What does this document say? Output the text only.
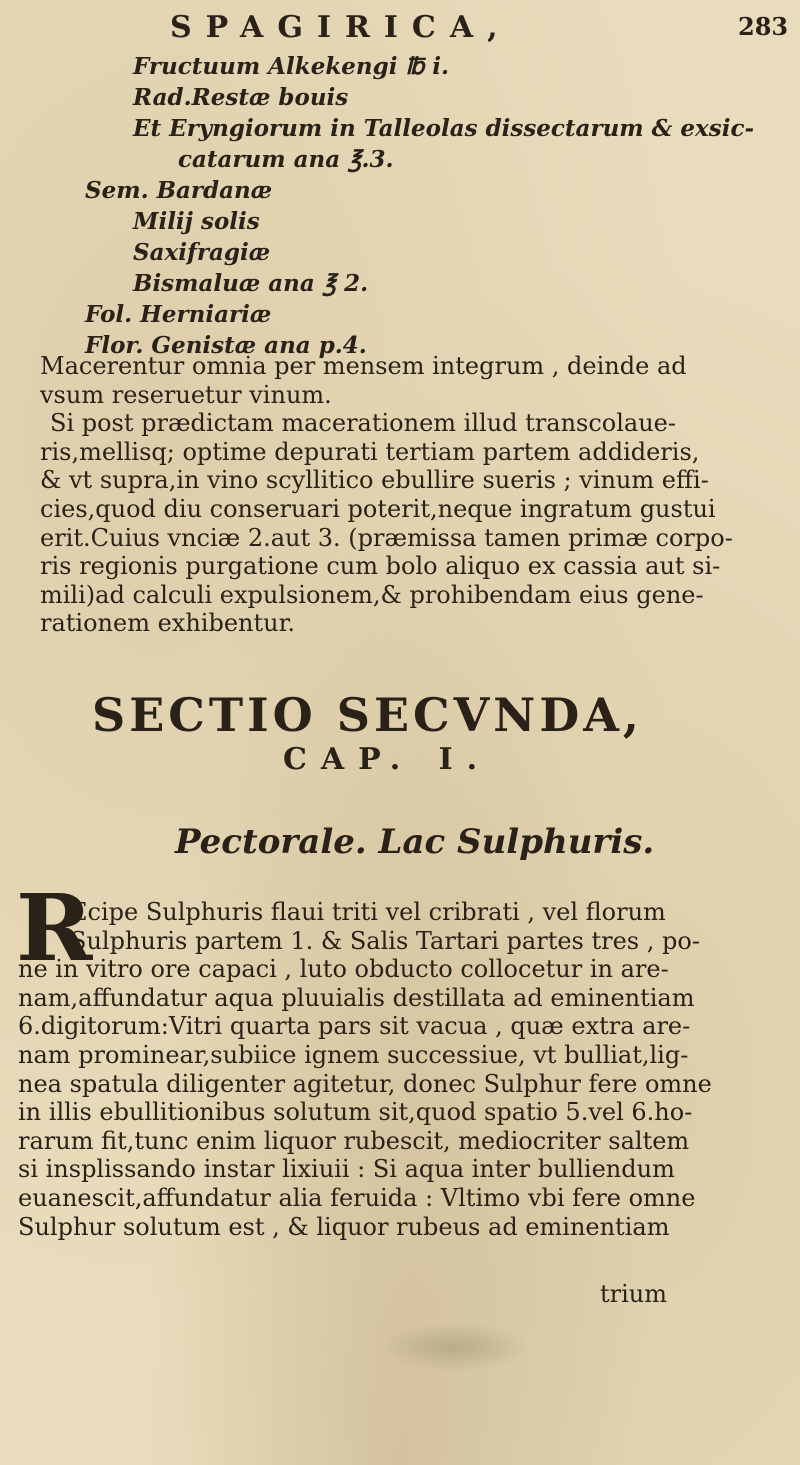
SPAGIRICA,	283
Fructuum Alkekengi ℔ i.
Rad.Restæ bouis
Et Eryngiorum in Talleolas dissectarum & exsic-
catarum ana ℥.3.
Sem. Bardanæ
Milij solis
Saxifragiæ
Bismaluæ ana ℥ 2.
Fol. Herniariæ
Flor. Genistæ ana p.4.
Macerentur omnia per mensem integrum , deinde ad
vsum reseruetur vinum.
Si post prædictam macerationem illud transcolaue-
ris,mellisq; optime depurati tertiam partem addideris,
& vt supra,in vino scyllitico ebullire sueris ; vinum effi-
cies,quod diu conseruari poterit,neque ingratum gustui
erit.Cuius vnciæ 2.aut 3. (præmissa tamen primæ corpo-
ris regionis purgatione cum bolo aliquo ex cassia aut si-
mili)ad calculi expulsionem,& prohibendam eius gene-
rationem exhibentur.
SECTIO SECVNDA,
CAP. I.
Pectorale. Lac Sulphuris.
R
Ecipe Sulphuris flaui triti vel cribrati , vel florum
Sulphuris partem 1. & Salis Tartari partes tres , po-
ne in vitro ore capaci , luto obducto collocetur in are-
nam,affundatur aqua pluuialis destillata ad eminentiam
6.digitorum:Vitri quarta pars sit vacua , quæ extra are-
nam prominear,subiice ignem successiue, vt bulliat,lig-
nea spatula diligenter agitetur, donec Sulphur fere omne
in illis ebullitionibus solutum sit,quod spatio 5.vel 6.ho-
rarum fit,tunc enim liquor rubescit, mediocriter saltem
si insplissando instar lixiuii : Si aqua inter bulliendum
euanescit,affundatur alia feruida : Vltimo vbi fere omne
Sulphur solutum est , & liquor rubeus ad eminentiam
trium
